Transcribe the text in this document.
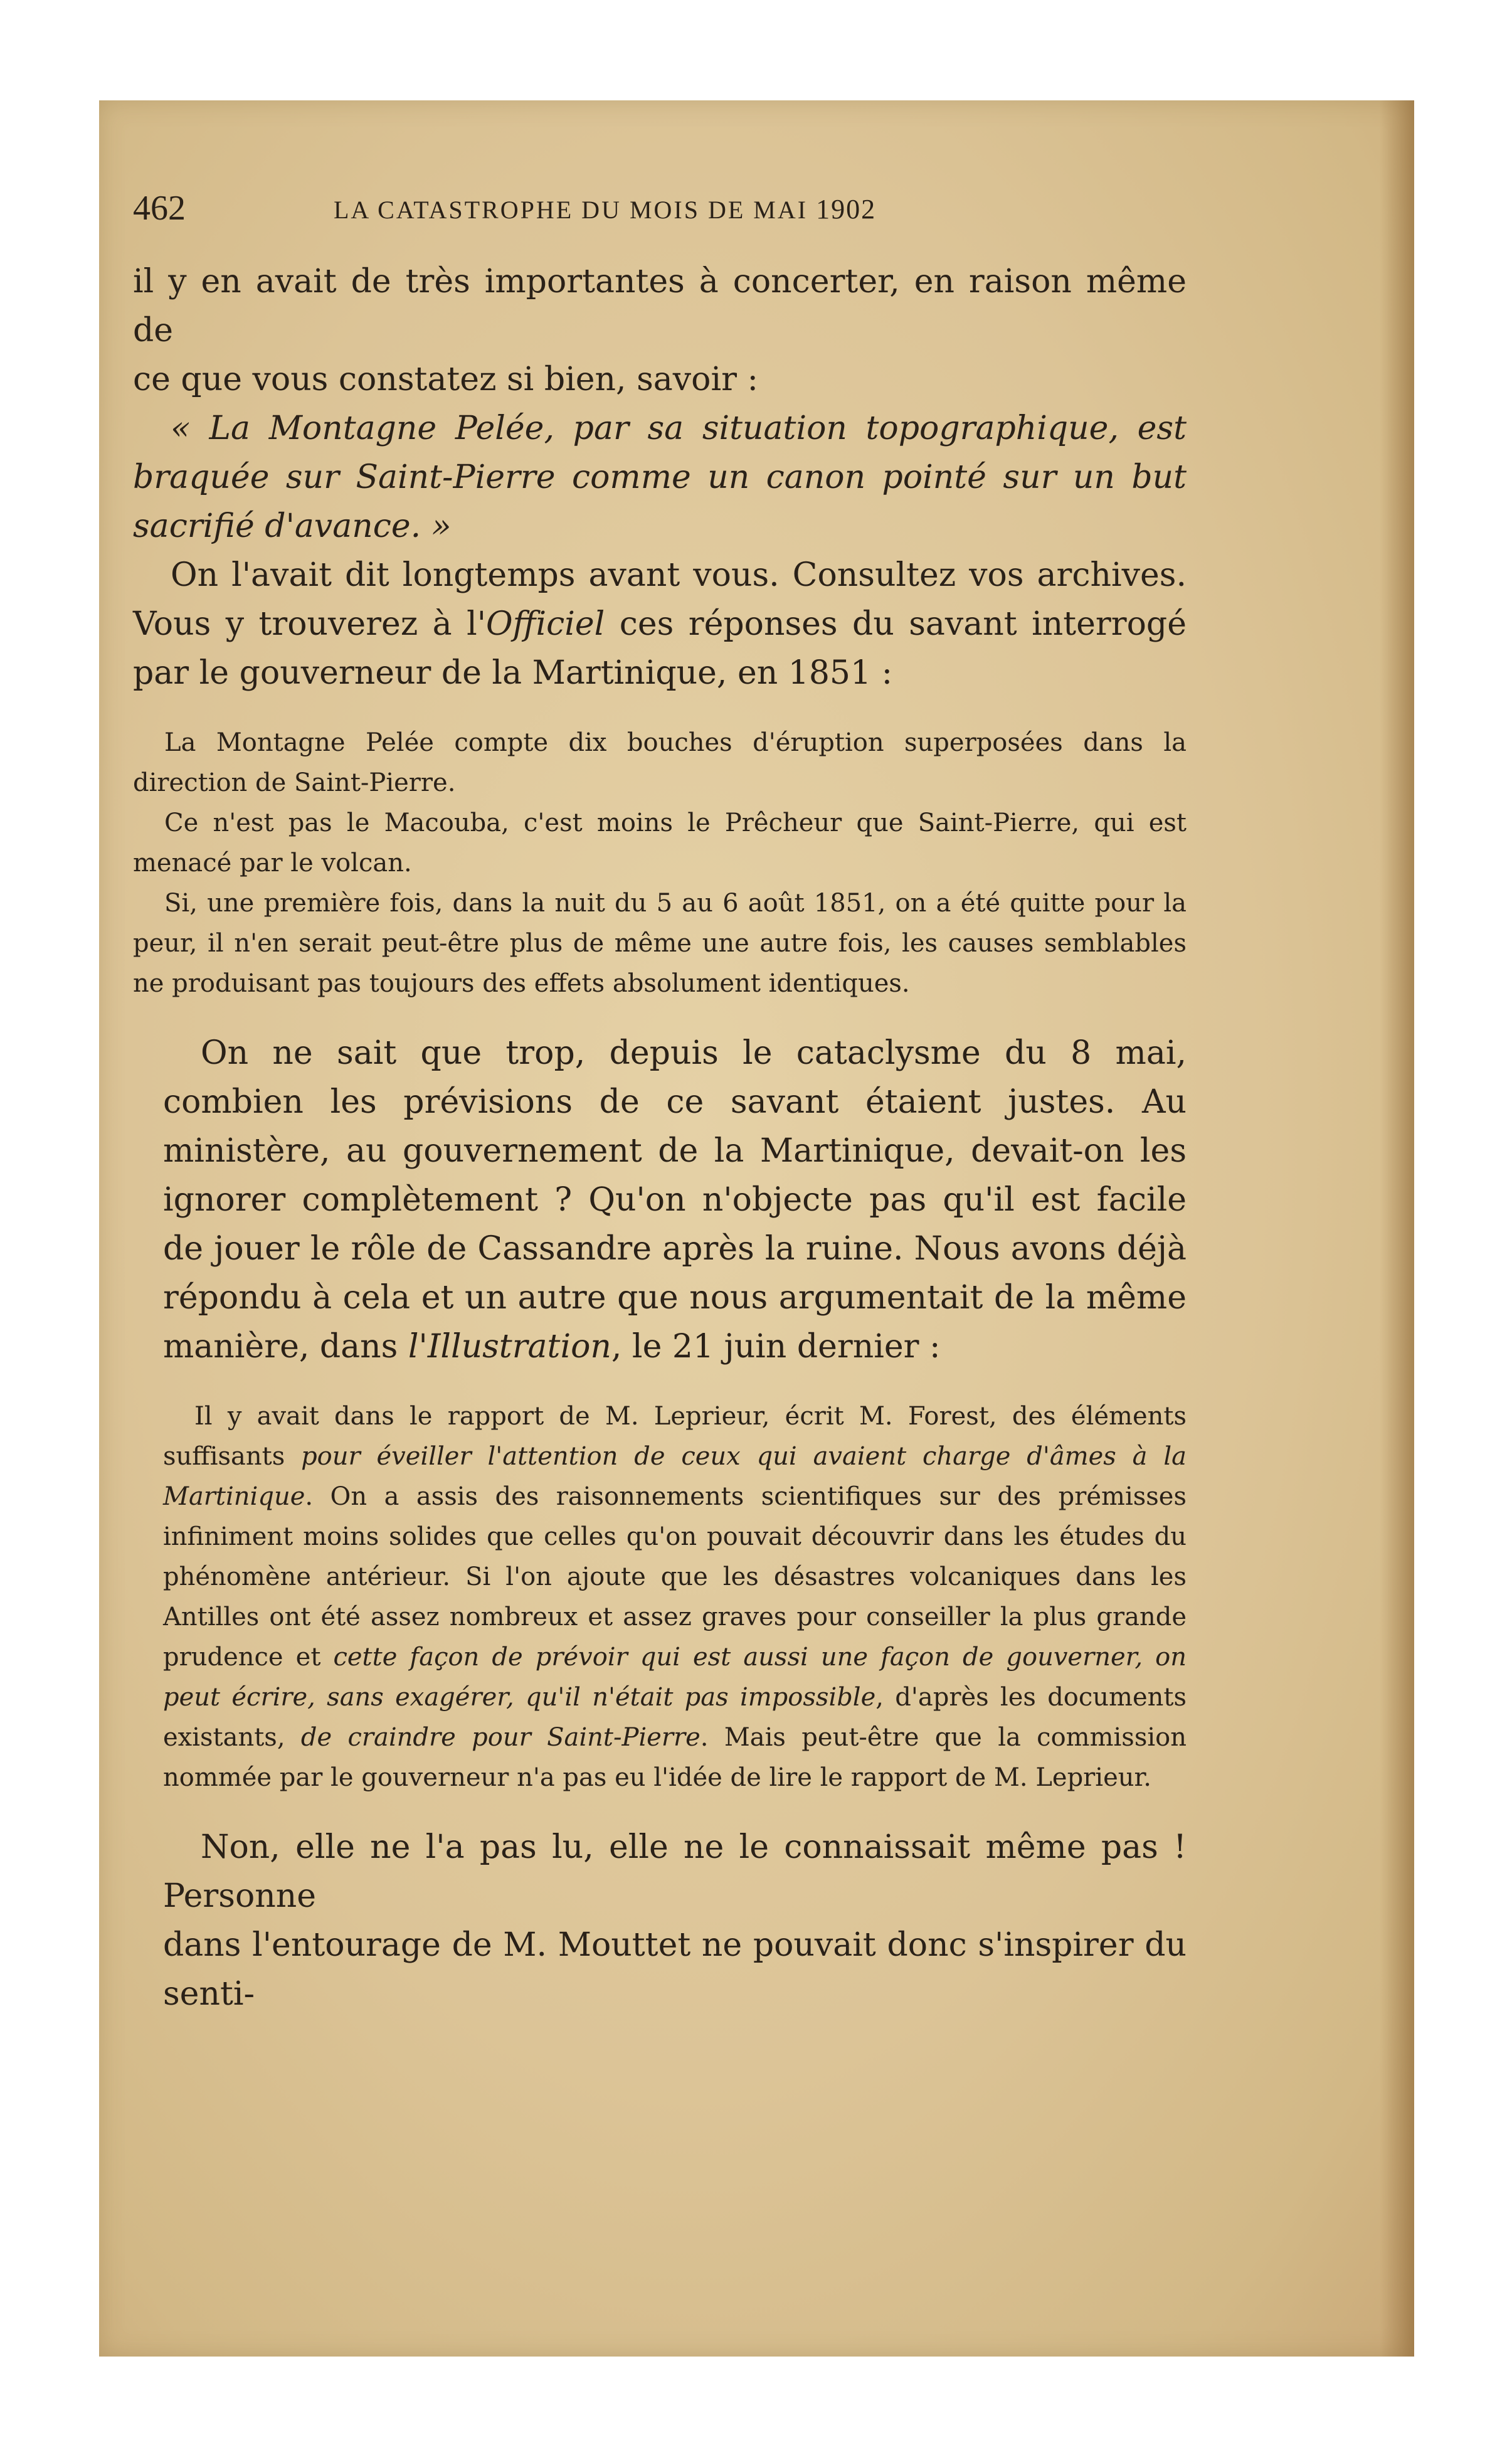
462	LA CATASTROPHE DU MOIS DE MAI 1902

il y en avait de très importantes à concerter, en raison même de

ce que vous constatez si bien, savoir :

« La Montagne Pelée, par sa situation topographique, est braquée sur Saint-Pierre comme un canon pointé sur un but sacrifié d'avance. »

On l'avait dit longtemps avant vous. Consultez vos archives. Vous y trouverez à l'Officiel ces réponses du savant interrogé par le gouverneur de la Martinique, en 1851 :

La Montagne Pelée compte dix bouches d'éruption superposées dans la direction de Saint-Pierre.

Ce n'est pas le Macouba, c'est moins le Prêcheur que Saint-Pierre, qui est menacé par le volcan.

Si, une première fois, dans la nuit du 5 au 6 août 1851, on a été quitte pour la peur, il n'en serait peut-être plus de même une autre fois, les causes semblables ne produisant pas toujours des effets absolument identiques.

On ne sait que trop, depuis le cataclysme du 8 mai, combien les prévisions de ce savant étaient justes. Au ministère, au gouvernement de la Martinique, devait-on les ignorer complètement ? Qu'on n'objecte pas qu'il est facile de jouer le rôle de Cassandre après la ruine. Nous avons déjà répondu à cela et un autre que nous argumentait de la même manière, dans l'Illustration, le 21 juin dernier :

Il y avait dans le rapport de M. Leprieur, écrit M. Forest, des éléments suffisants pour éveiller l'attention de ceux qui avaient charge d'âmes à la Martinique. On a assis des raisonnements scientifiques sur des prémisses infiniment moins solides que celles qu'on pouvait découvrir dans les études du phénomène antérieur. Si l'on ajoute que les désastres volcaniques dans les Antilles ont été assez nombreux et assez graves pour conseiller la plus grande prudence et cette façon de prévoir qui est aussi une façon de gouverner, on peut écrire, sans exagérer, qu'il n'était pas impossible, d'après les documents existants, de craindre pour Saint-Pierre. Mais peut-être que la commission nommée par le gouverneur n'a pas eu l'idée de lire le rapport de M. Leprieur.

Non, elle ne l'a pas lu, elle ne le connaissait même pas ! Personne

dans l'entourage de M. Mouttet ne pouvait donc s'inspirer du senti-
